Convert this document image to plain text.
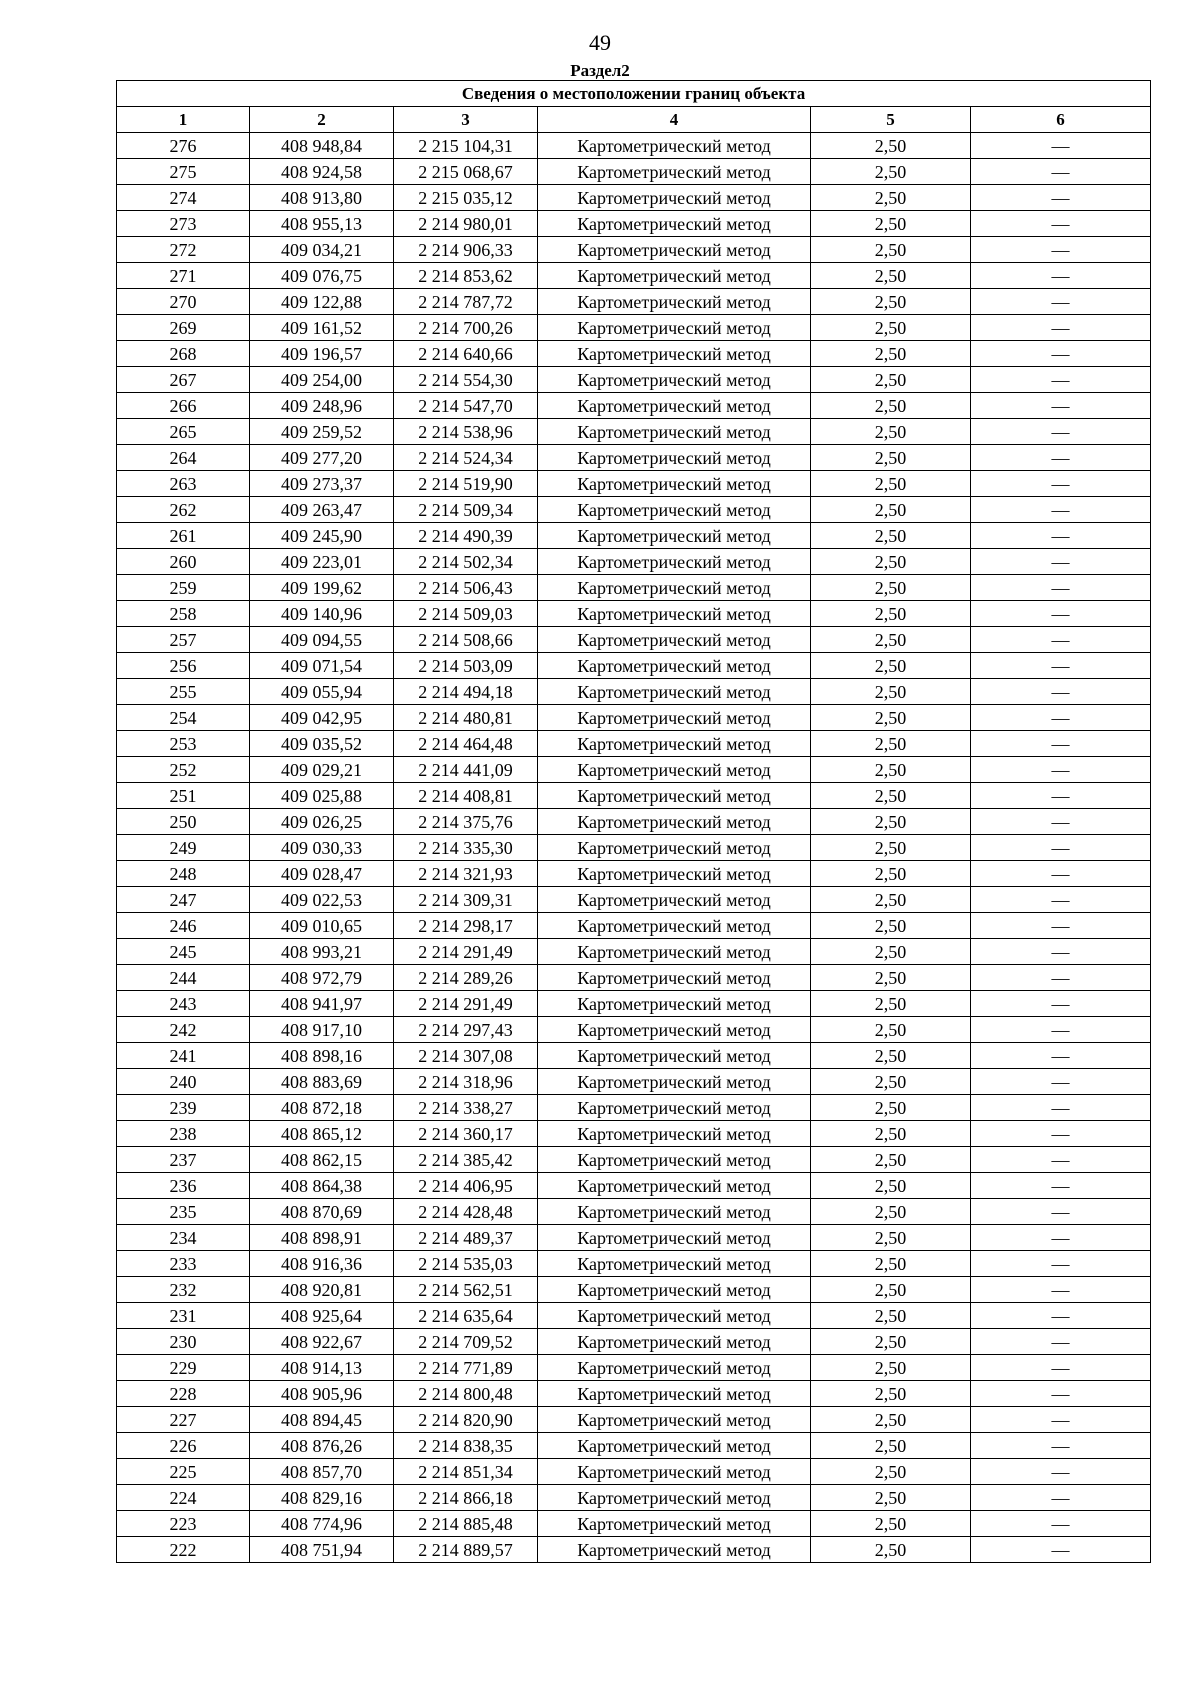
49
Раздел2
Сведения о местоположении границ объекта					
1	2	3	4	5	6
276	408 948,84	2 215 104,31	Картометрический метод	2,50	—
275	408 924,58	2 215 068,67	Картометрический метод	2,50	—
274	408 913,80	2 215 035,12	Картометрический метод	2,50	—
273	408 955,13	2 214 980,01	Картометрический метод	2,50	—
272	409 034,21	2 214 906,33	Картометрический метод	2,50	—
271	409 076,75	2 214 853,62	Картометрический метод	2,50	—
270	409 122,88	2 214 787,72	Картометрический метод	2,50	—
269	409 161,52	2 214 700,26	Картометрический метод	2,50	—
268	409 196,57	2 214 640,66	Картометрический метод	2,50	—
267	409 254,00	2 214 554,30	Картометрический метод	2,50	—
266	409 248,96	2 214 547,70	Картометрический метод	2,50	—
265	409 259,52	2 214 538,96	Картометрический метод	2,50	—
264	409 277,20	2 214 524,34	Картометрический метод	2,50	—
263	409 273,37	2 214 519,90	Картометрический метод	2,50	—
262	409 263,47	2 214 509,34	Картометрический метод	2,50	—
261	409 245,90	2 214 490,39	Картометрический метод	2,50	—
260	409 223,01	2 214 502,34	Картометрический метод	2,50	—
259	409 199,62	2 214 506,43	Картометрический метод	2,50	—
258	409 140,96	2 214 509,03	Картометрический метод	2,50	—
257	409 094,55	2 214 508,66	Картометрический метод	2,50	—
256	409 071,54	2 214 503,09	Картометрический метод	2,50	—
255	409 055,94	2 214 494,18	Картометрический метод	2,50	—
254	409 042,95	2 214 480,81	Картометрический метод	2,50	—
253	409 035,52	2 214 464,48	Картометрический метод	2,50	—
252	409 029,21	2 214 441,09	Картометрический метод	2,50	—
251	409 025,88	2 214 408,81	Картометрический метод	2,50	—
250	409 026,25	2 214 375,76	Картометрический метод	2,50	—
249	409 030,33	2 214 335,30	Картометрический метод	2,50	—
248	409 028,47	2 214 321,93	Картометрический метод	2,50	—
247	409 022,53	2 214 309,31	Картометрический метод	2,50	—
246	409 010,65	2 214 298,17	Картометрический метод	2,50	—
245	408 993,21	2 214 291,49	Картометрический метод	2,50	—
244	408 972,79	2 214 289,26	Картометрический метод	2,50	—
243	408 941,97	2 214 291,49	Картометрический метод	2,50	—
242	408 917,10	2 214 297,43	Картометрический метод	2,50	—
241	408 898,16	2 214 307,08	Картометрический метод	2,50	—
240	408 883,69	2 214 318,96	Картометрический метод	2,50	—
239	408 872,18	2 214 338,27	Картометрический метод	2,50	—
238	408 865,12	2 214 360,17	Картометрический метод	2,50	—
237	408 862,15	2 214 385,42	Картометрический метод	2,50	—
236	408 864,38	2 214 406,95	Картометрический метод	2,50	—
235	408 870,69	2 214 428,48	Картометрический метод	2,50	—
234	408 898,91	2 214 489,37	Картометрический метод	2,50	—
233	408 916,36	2 214 535,03	Картометрический метод	2,50	—
232	408 920,81	2 214 562,51	Картометрический метод	2,50	—
231	408 925,64	2 214 635,64	Картометрический метод	2,50	—
230	408 922,67	2 214 709,52	Картометрический метод	2,50	—
229	408 914,13	2 214 771,89	Картометрический метод	2,50	—
228	408 905,96	2 214 800,48	Картометрический метод	2,50	—
227	408 894,45	2 214 820,90	Картометрический метод	2,50	—
226	408 876,26	2 214 838,35	Картометрический метод	2,50	—
225	408 857,70	2 214 851,34	Картометрический метод	2,50	—
224	408 829,16	2 214 866,18	Картометрический метод	2,50	—
223	408 774,96	2 214 885,48	Картометрический метод	2,50	—
222	408 751,94	2 214 889,57	Картометрический метод	2,50	—
